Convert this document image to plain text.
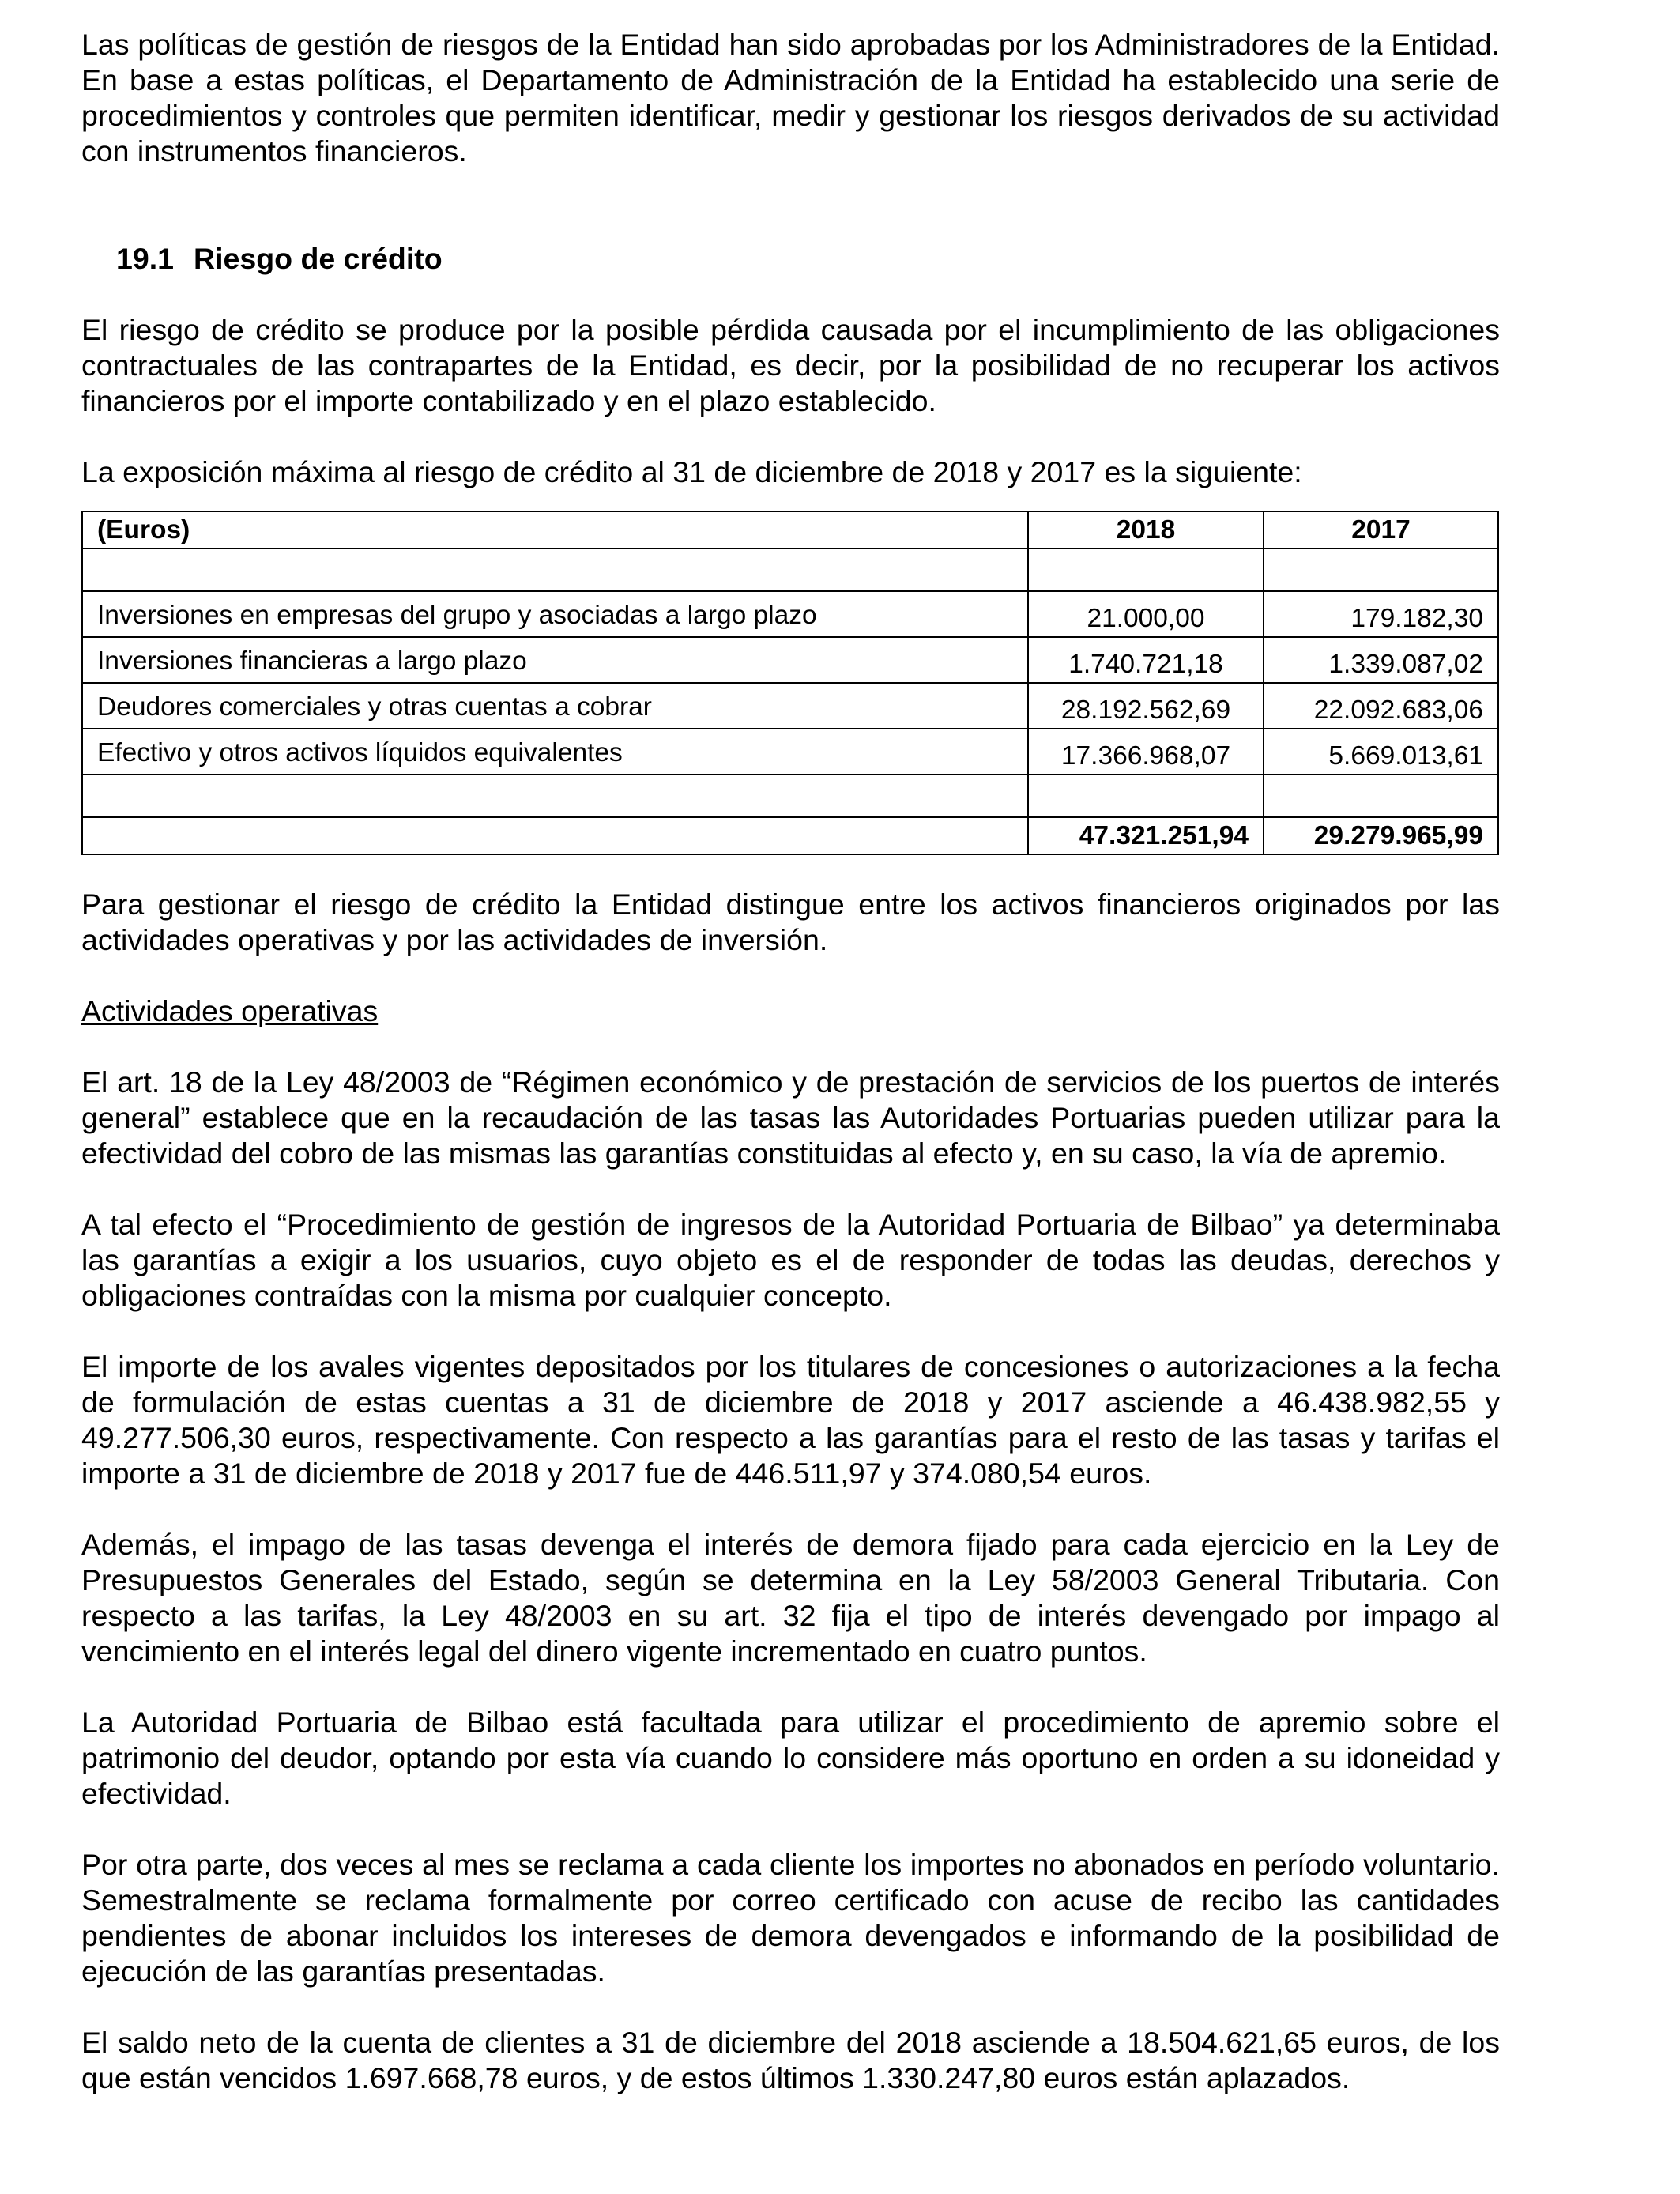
Las políticas de gestión de riesgos de la Entidad han sido aprobadas por los Administradores de la Entidad. En base a estas políticas, el Departamento de Administración de la Entidad ha establecido una serie de procedimientos y controles que permiten identificar, medir y gestionar los riesgos derivados de su actividad con instrumentos financieros.

19.1 Riesgo de crédito

El riesgo de crédito se produce por la posible pérdida causada por el incumplimiento de las obligaciones contractuales de las contrapartes de la Entidad, es decir, por la posibilidad de no recuperar los activos financieros por el importe contabilizado y en el plazo establecido.

La exposición máxima al riesgo de crédito al 31 de diciembre de 2018 y 2017 es la siguiente:

(Euros)	2018	2017

Inversiones en empresas del grupo y asociadas a largo plazo	21.000,00	179.182,30
Inversiones financieras a largo plazo	1.740.721,18	1.339.087,02
Deudores comerciales y otras cuentas a cobrar	28.192.562,69	22.092.683,06
Efectivo y otros activos líquidos equivalentes	17.366.968,07	5.669.013,61

	47.321.251,94	29.279.965,99

Para gestionar el riesgo de crédito la Entidad distingue entre los activos financieros originados por las actividades operativas y por las actividades de inversión.

Actividades operativas

El art. 18 de la Ley 48/2003 de “Régimen económico y de prestación de servicios de los puertos de interés general” establece que en la recaudación de las tasas las Autoridades Portuarias pueden utilizar para la efectividad del cobro de las mismas las garantías constituidas al efecto y, en su caso, la vía de apremio.

A tal efecto el “Procedimiento de gestión de ingresos de la Autoridad Portuaria de Bilbao” ya determinaba las garantías a exigir a los usuarios, cuyo objeto es el de responder de todas las deudas, derechos y obligaciones contraídas con la misma por cualquier concepto.

El importe de los avales vigentes depositados por los titulares de concesiones o autorizaciones a la fecha de formulación de estas cuentas a 31 de diciembre de 2018 y 2017 asciende a 46.438.982,55 y 49.277.506,30 euros, respectivamente. Con respecto a las garantías para el resto de las tasas y tarifas el importe a 31 de diciembre de 2018 y 2017 fue de 446.511,97 y 374.080,54 euros.

Además, el impago de las tasas devenga el interés de demora fijado para cada ejercicio en la Ley de Presupuestos Generales del Estado, según se determina en la Ley 58/2003 General Tributaria. Con respecto a las tarifas, la Ley 48/2003 en su art. 32 fija el tipo de interés devengado por impago al vencimiento en el interés legal del dinero vigente incrementado en cuatro puntos.

La Autoridad Portuaria de Bilbao está facultada para utilizar el procedimiento de apremio sobre el patrimonio del deudor, optando por esta vía cuando lo considere más oportuno en orden a su idoneidad y efectividad.

Por otra parte, dos veces al mes se reclama a cada cliente los importes no abonados en período voluntario. Semestralmente se reclama formalmente por correo certificado con acuse de recibo las cantidades pendientes de abonar incluidos los intereses de demora devengados e informando de la posibilidad de ejecución de las garantías presentadas.

El saldo neto de la cuenta de clientes a 31 de diciembre del 2018 asciende a 18.504.621,65 euros, de los que están vencidos 1.697.668,78 euros, y de estos últimos 1.330.247,80 euros están aplazados.
